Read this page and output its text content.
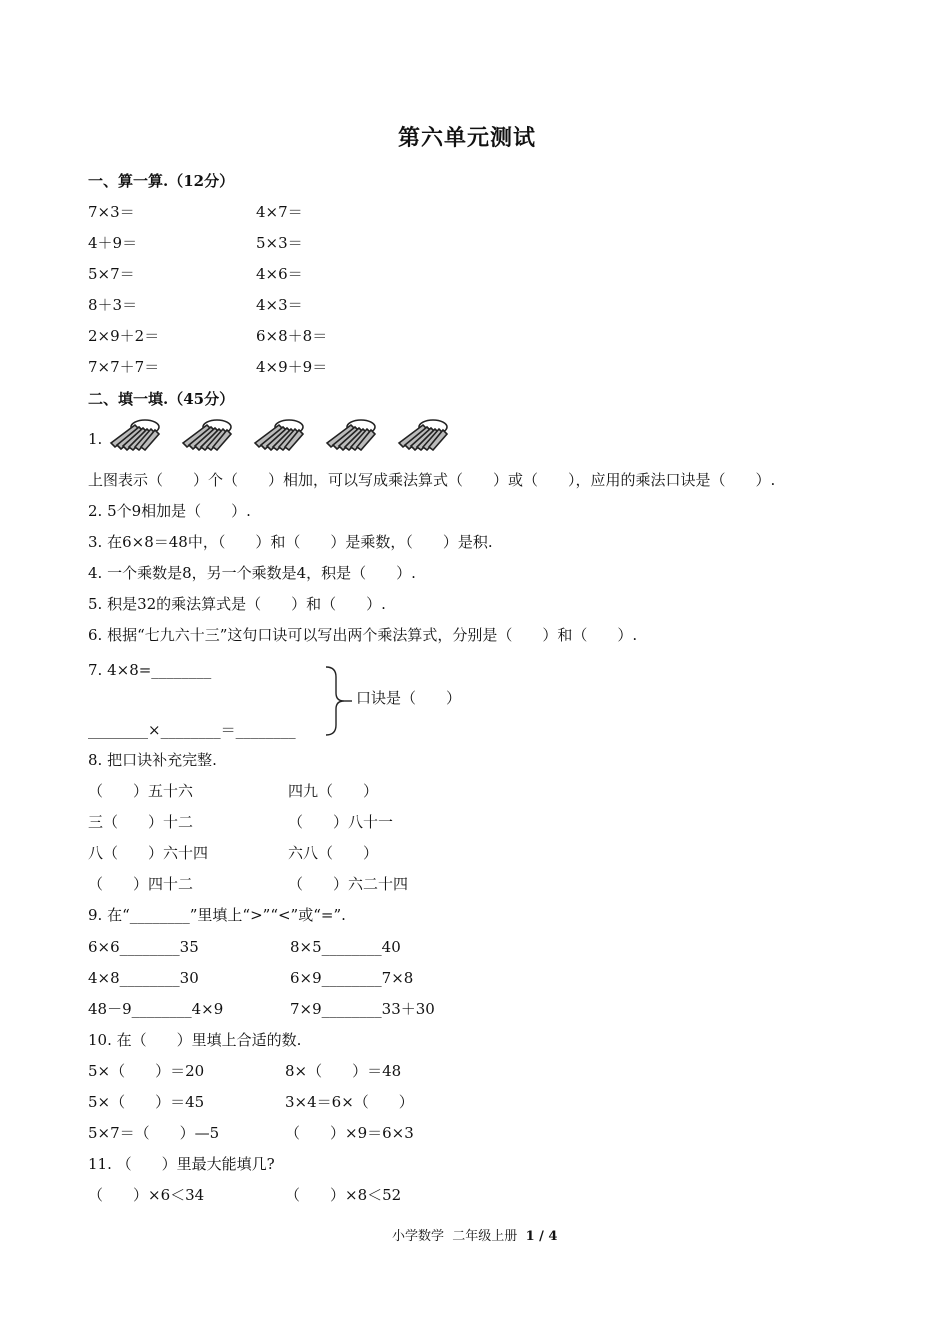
第六单元测试
一、算一算.（12分）
7×3＝	4×7＝
4＋9＝	5×3＝
5×7＝	4×6＝
8＋3＝	4×3＝
2×9＋2＝	6×8＋8＝
7×7＋7＝	4×9＋9＝
二、填一填.（45分）
1.
上图表示（　　）个（　　）相加，可以写成乘法算式（　　）或（　　），应用的乘法口诀是（　　）.
2. 5个9相加是（　　）.
3. 在6×8＝48中，（　　）和（　　）是乘数，（　　）是积.
4. 一个乘数是8，另一个乘数是4，积是（　　）.
5. 积是32的乘法算式是（　　）和（　　）.
6. 根据“七九六十三”这句口诀可以写出两个乘法算式，分别是（　　）和（　　）.
7. 4×8=________
________×________＝________
口诀是（　　）
8. 把口诀补充完整.
（　　）五十六	四九（　　）
三（　　）十二	（　　）八十一
八（　　）六十四	六八（　　）
（　　）四十二	（　　）六二十四
9. 在“________”里填上“>”“<”或“=”.
6×6________35	8×5________40
4×8________30	6×9________7×8
48－9________4×9	7×9________33＋30
10. 在（　　）里填上合适的数.
5×（　　）＝20	8×（　　）＝48
5×（　　）＝45	3×4＝6×（　　）
5×7＝（　　）—5	（　　）×9＝6×3
11. （　　）里最大能填几?
（　　）×6＜34	（　　）×8＜52
小学数学 二年级上册 1 / 4
